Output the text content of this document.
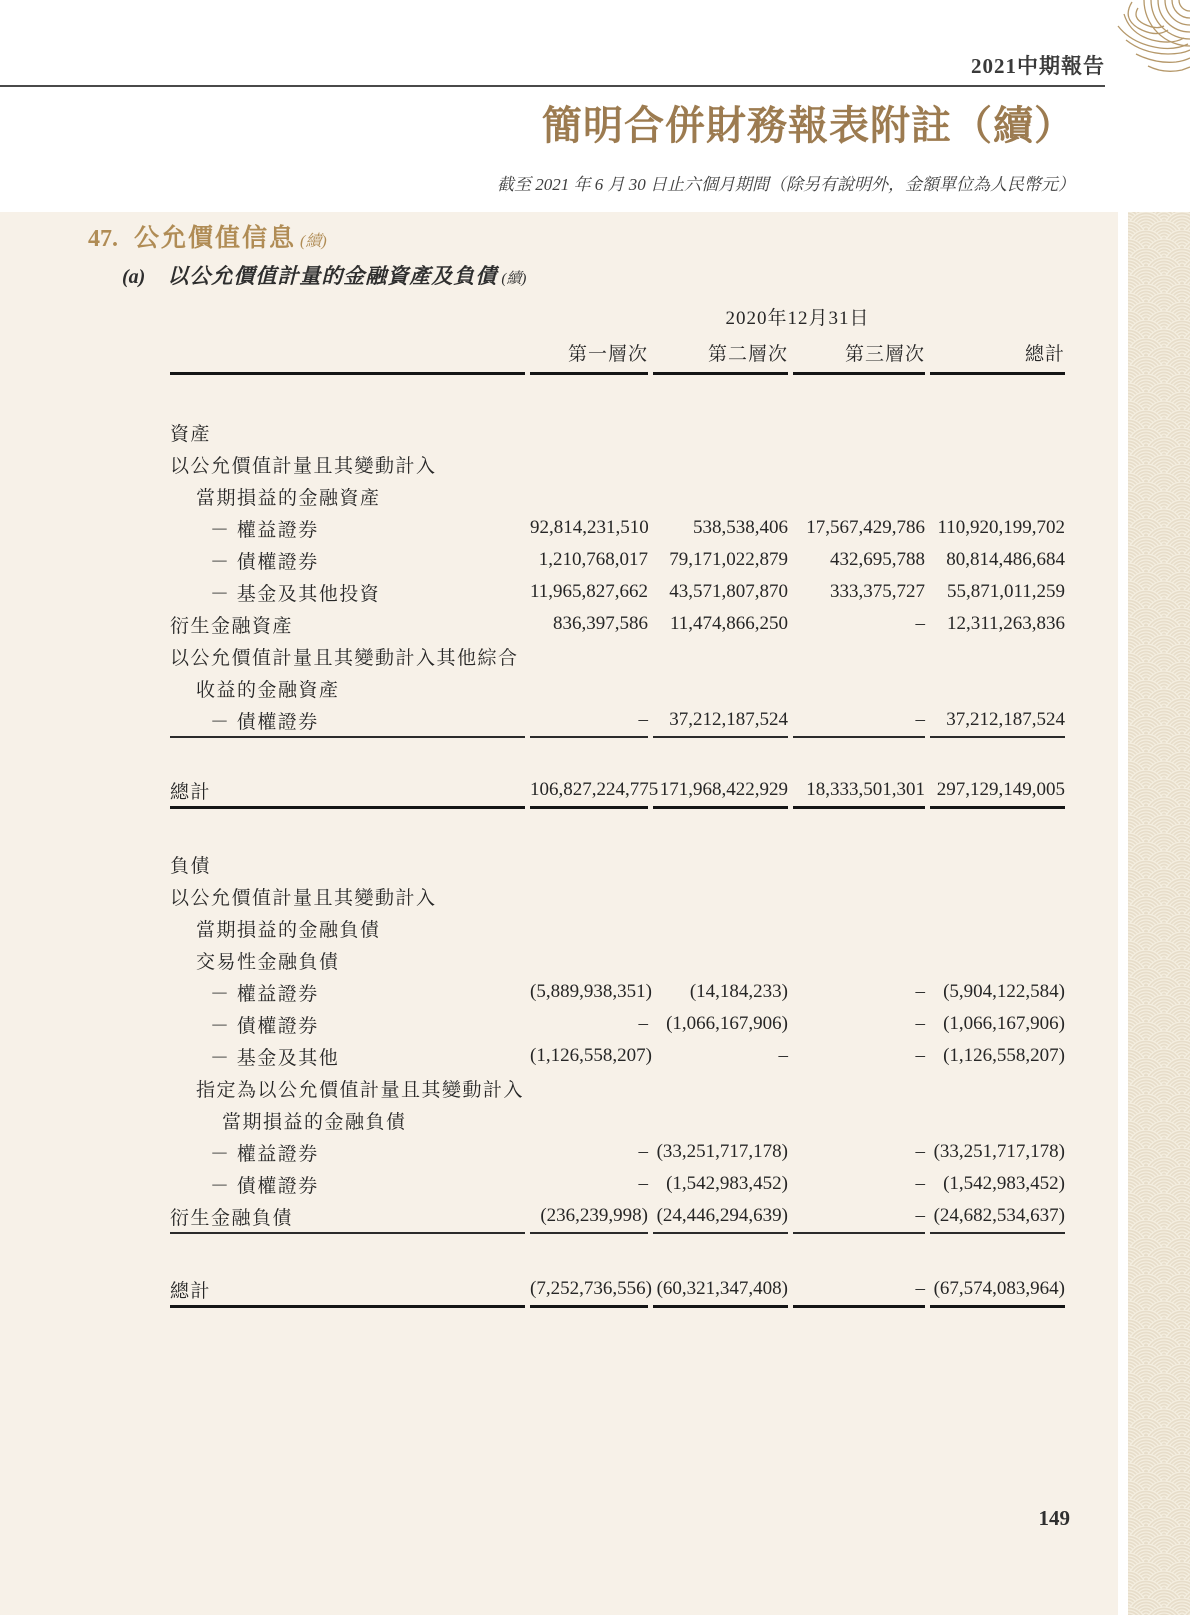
2021中期報告
簡明合併財務報表附註（續）
截至 2021 年 6 月 30 日止六個月期間（除另有說明外，金額單位為人民幣元）
47. 公允價值信息 (續)
(a) 以公允價值計量的金融資產及負債 (續)
	2020年12月31日			
	第一層次	第二層次	第三層次	總計

資產				
以公允價值計量且其變動計入				
當期損益的金融資產				
－ 權益證券	92,814,231,510	538,538,406	17,567,429,786	110,920,199,702
－ 債權證券	1,210,768,017	79,171,022,879	432,695,788	80,814,486,684
－ 基金及其他投資	11,965,827,662	43,571,807,870	333,375,727	55,871,011,259
衍生金融資產	836,397,586	11,474,866,250	–	12,311,263,836
以公允價值計量且其變動計入其他綜合				
收益的金融資產				
－ 債權證券	–	37,212,187,524	–	37,212,187,524

總計	106,827,224,775	171,968,422,929	18,333,501,301	297,129,149,005

負債				
以公允價值計量且其變動計入				
當期損益的金融負債				
交易性金融負債				
－ 權益證券	(5,889,938,351)	(14,184,233)	–	(5,904,122,584)
－ 債權證券	–	(1,066,167,906)	–	(1,066,167,906)
－ 基金及其他	(1,126,558,207)	–	–	(1,126,558,207)
指定為以公允價值計量且其變動計入				
當期損益的金融負債				
－ 權益證券	–	(33,251,717,178)	–	(33,251,717,178)
－ 債權證券	–	(1,542,983,452)	–	(1,542,983,452)
衍生金融負債	(236,239,998)	(24,446,294,639)	–	(24,682,534,637)

總計	(7,252,736,556)	(60,321,347,408)	–	(67,574,083,964)
149
